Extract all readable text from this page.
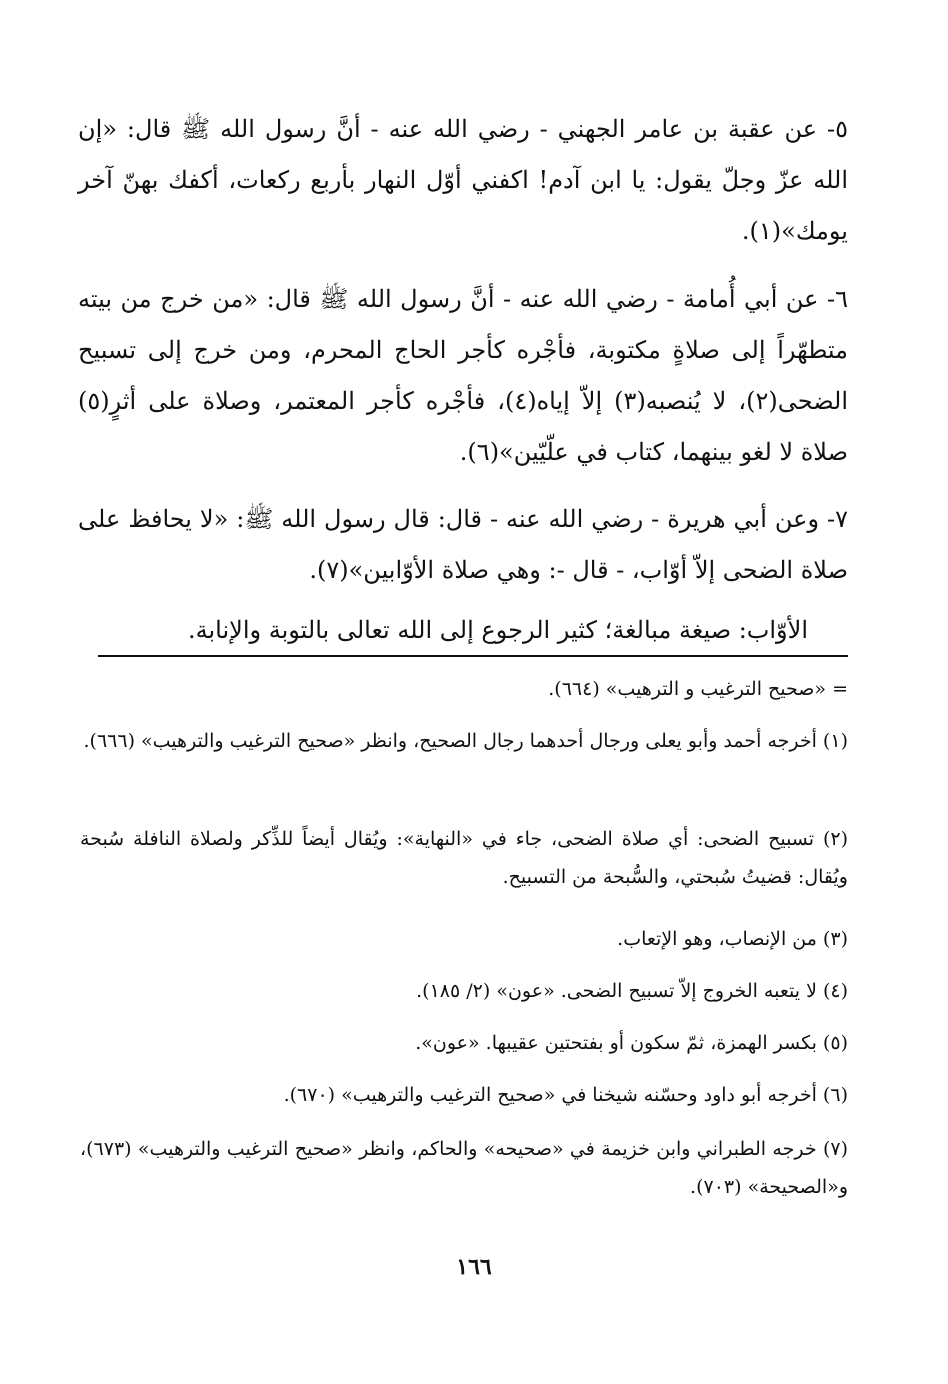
٥- عن عقبة بن عامر الجهني - رضي الله عنه - أنَّ رسول الله ﷺ قال: «إن الله عزّ وجلّ يقول: يا ابن آدم! اكفني أوّل النهار بأربع ركعات، أكفك بهنّ آخر يومك»(١).

٦- عن أبي أُمامة - رضي الله عنه - أنَّ رسول الله ﷺ قال: «من خرج من بيته متطهّراً إلى صلاةٍ مكتوبة، فأجْره كأجر الحاج المحرم، ومن خرج إلى تسبيح الضحى(٢)، لا يُنصبه(٣) إلاّ إياه(٤)، فأجْره كأجر المعتمر، وصلاة على أثرٍ(٥) صلاة لا لغو بينهما، كتاب في علّيّين»(٦).

٧- وعن أبي هريرة - رضي الله عنه - قال: قال رسول الله ﷺ: «لا يحافظ على صلاة الضحى إلاّ أوّاب، - قال -: وهي صلاة الأوّابين»(٧).

الأوّاب: صيغة مبالغة؛ كثير الرجوع إلى الله تعالى بالتوبة والإنابة.

= «صحيح الترغيب و الترهيب» (٦٦٤).

(١) أخرجه أحمد وأبو يعلى ورجال أحدهما رجال الصحيح، وانظر «صحيح الترغيب والترهيب» (٦٦٦).

(٢) تسبيح الضحى: أي صلاة الضحى، جاء في «النهاية»: ويُقال أيضاً للذِّكر ولصلاة النافلة سُبحة ويُقال: قضيتُ سُبحتي، والسُّبحة من التسبيح.

(٣) من الإنصاب، وهو الإتعاب.

(٤) لا يتعبه الخروج إلاّ تسبيح الضحى. «عون» (٢/ ١٨٥).

(٥) بكسر الهمزة، ثمّ سكون أو بفتحتين عقيبها. «عون».

(٦) أخرجه أبو داود وحسّنه شيخنا في «صحيح الترغيب والترهيب» (٦٧٠).

(٧) خرجه الطبراني وابن خزيمة في «صحيحه» والحاكم، وانظر «صحيح الترغيب والترهيب» (٦٧٣)، و«الصحيحة» (٧٠٣).

١٦٦
